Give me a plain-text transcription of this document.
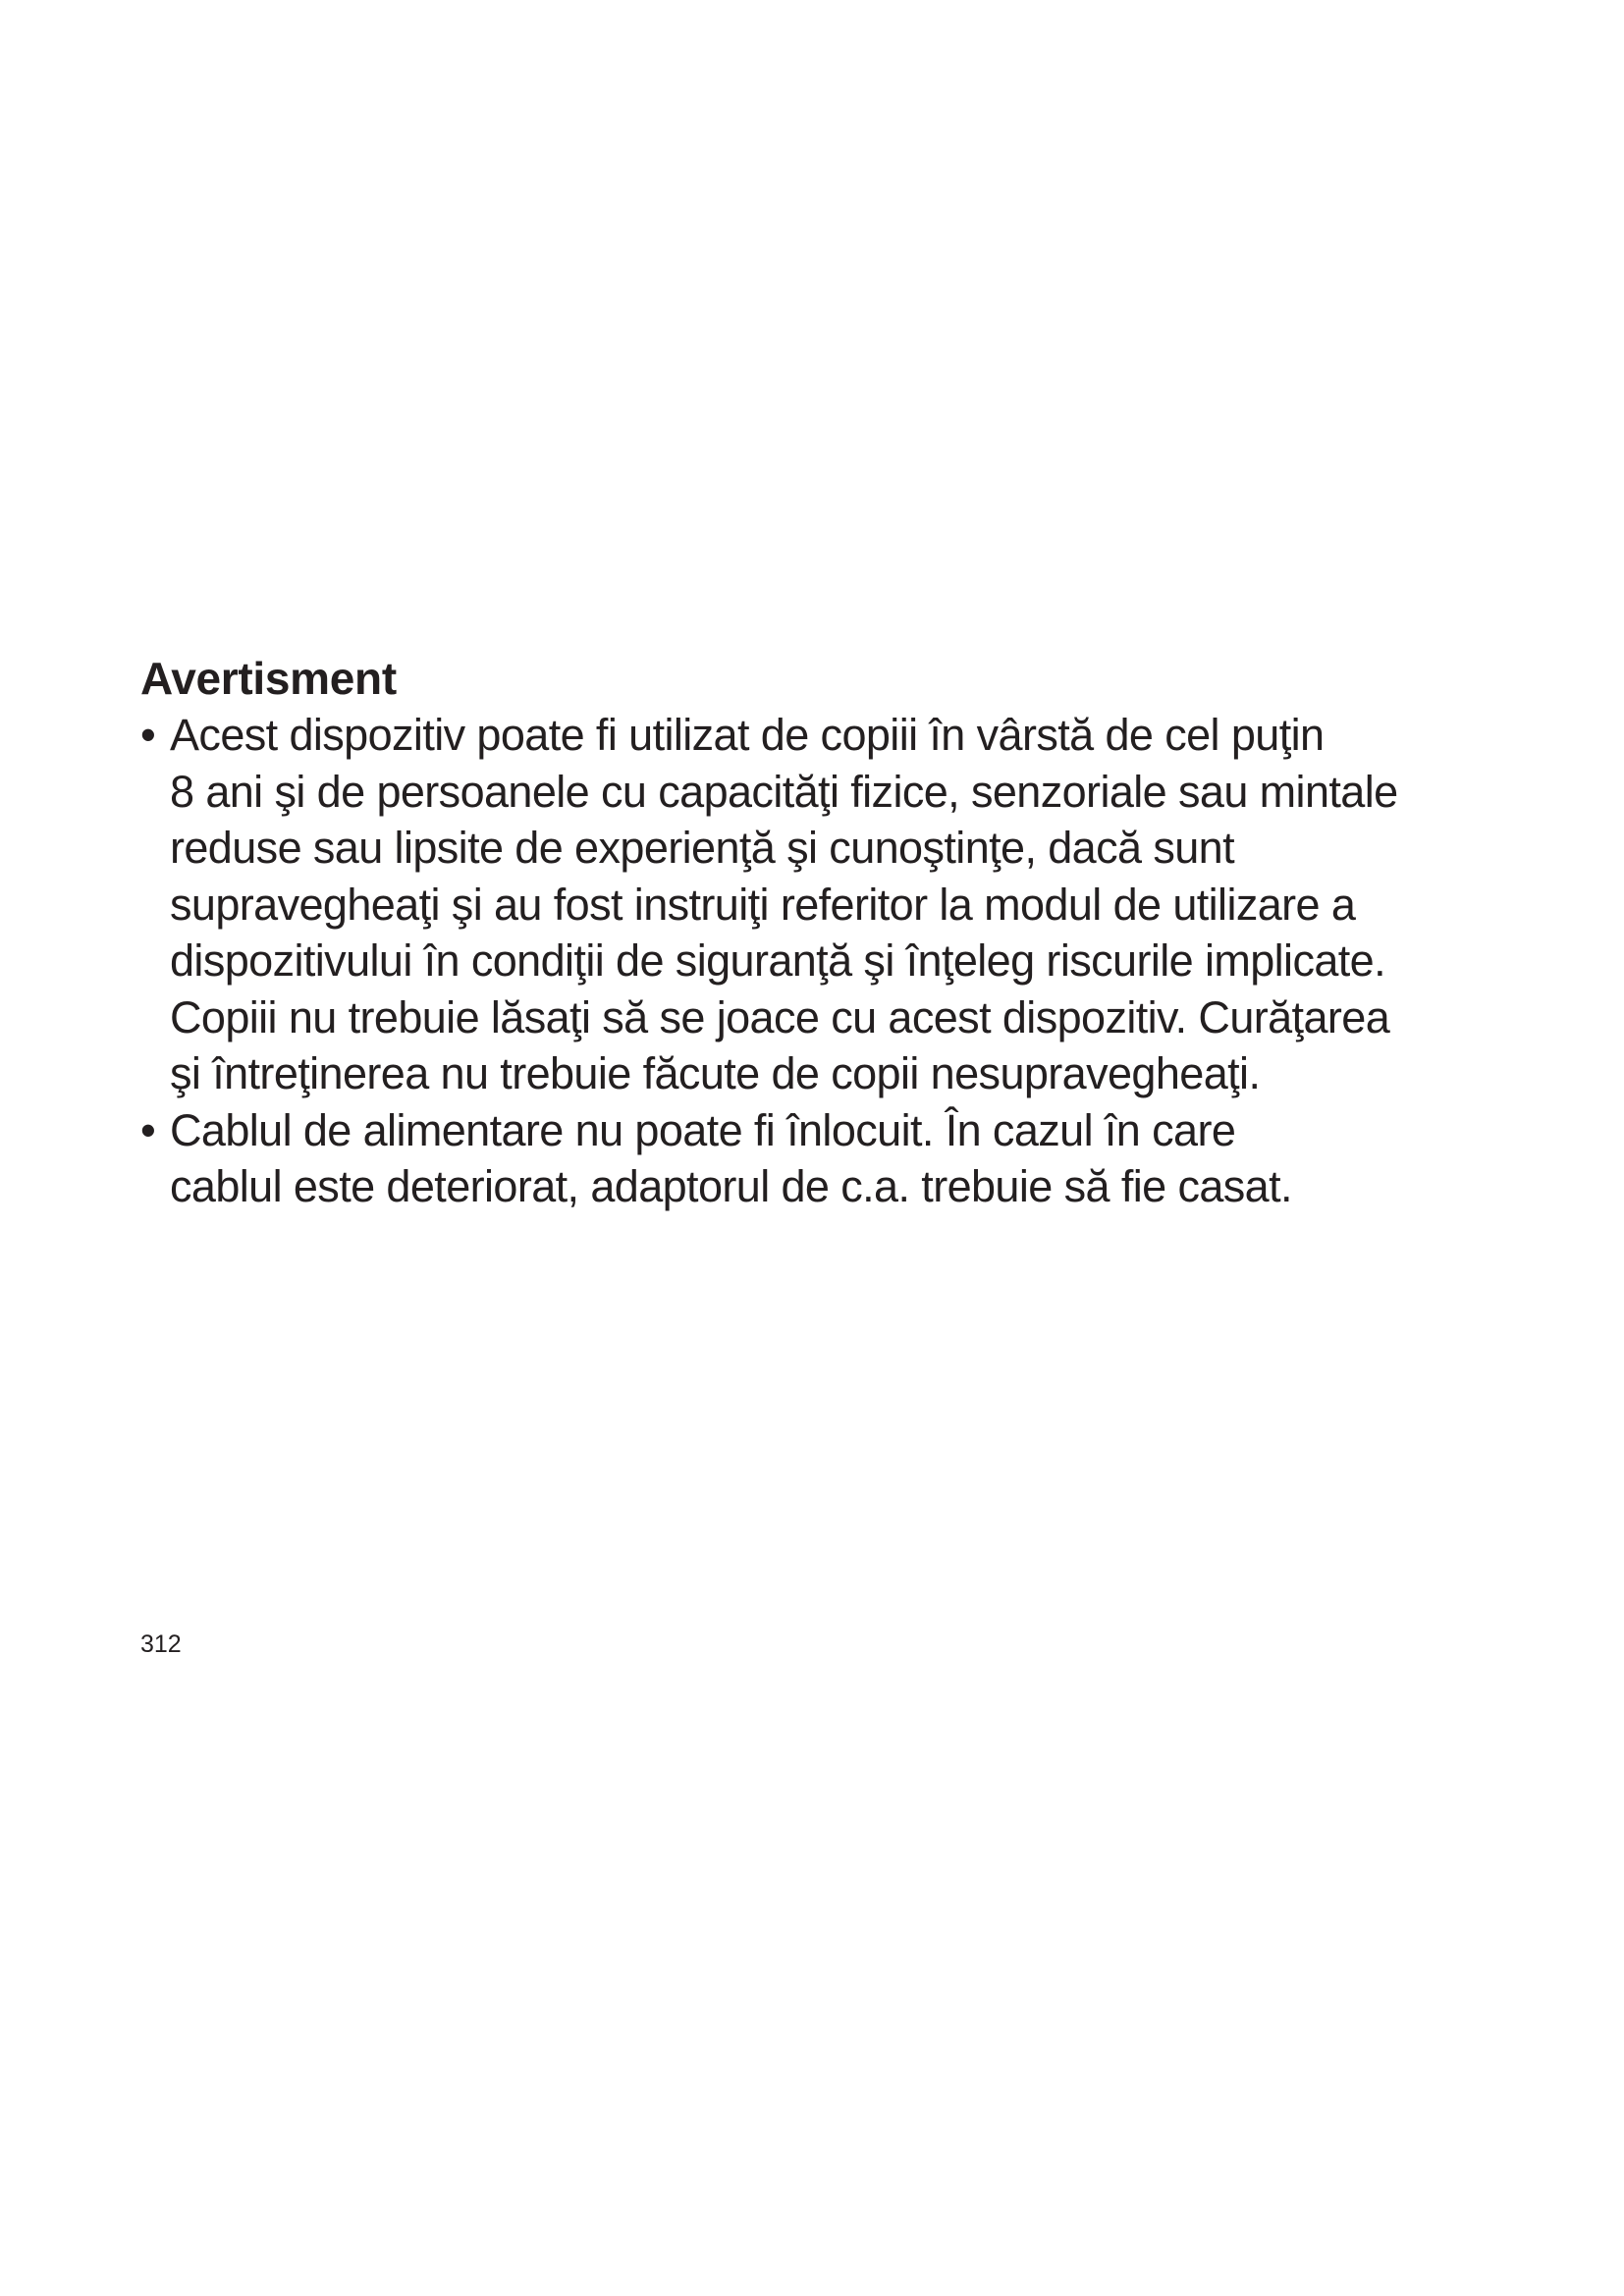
Avertisment
• Acest dispozitiv poate fi utilizat de copiii în vârstă de cel puţin
8 ani şi de persoanele cu capacităţi fizice, senzoriale sau mintale
reduse sau lipsite de experienţă şi cunoştinţe, dacă sunt
supravegheaţi şi au fost instruiţi referitor la modul de utilizare a
dispozitivului în condiţii de siguranţă şi înţeleg riscurile implicate.
Copiii nu trebuie lăsaţi să se joace cu acest dispozitiv. Curăţarea
şi întreţinerea nu trebuie făcute de copii nesupravegheaţi.
• Cablul de alimentare nu poate fi înlocuit. În cazul în care
cablul este deteriorat, adaptorul de c.a. trebuie să fie casat.
312
